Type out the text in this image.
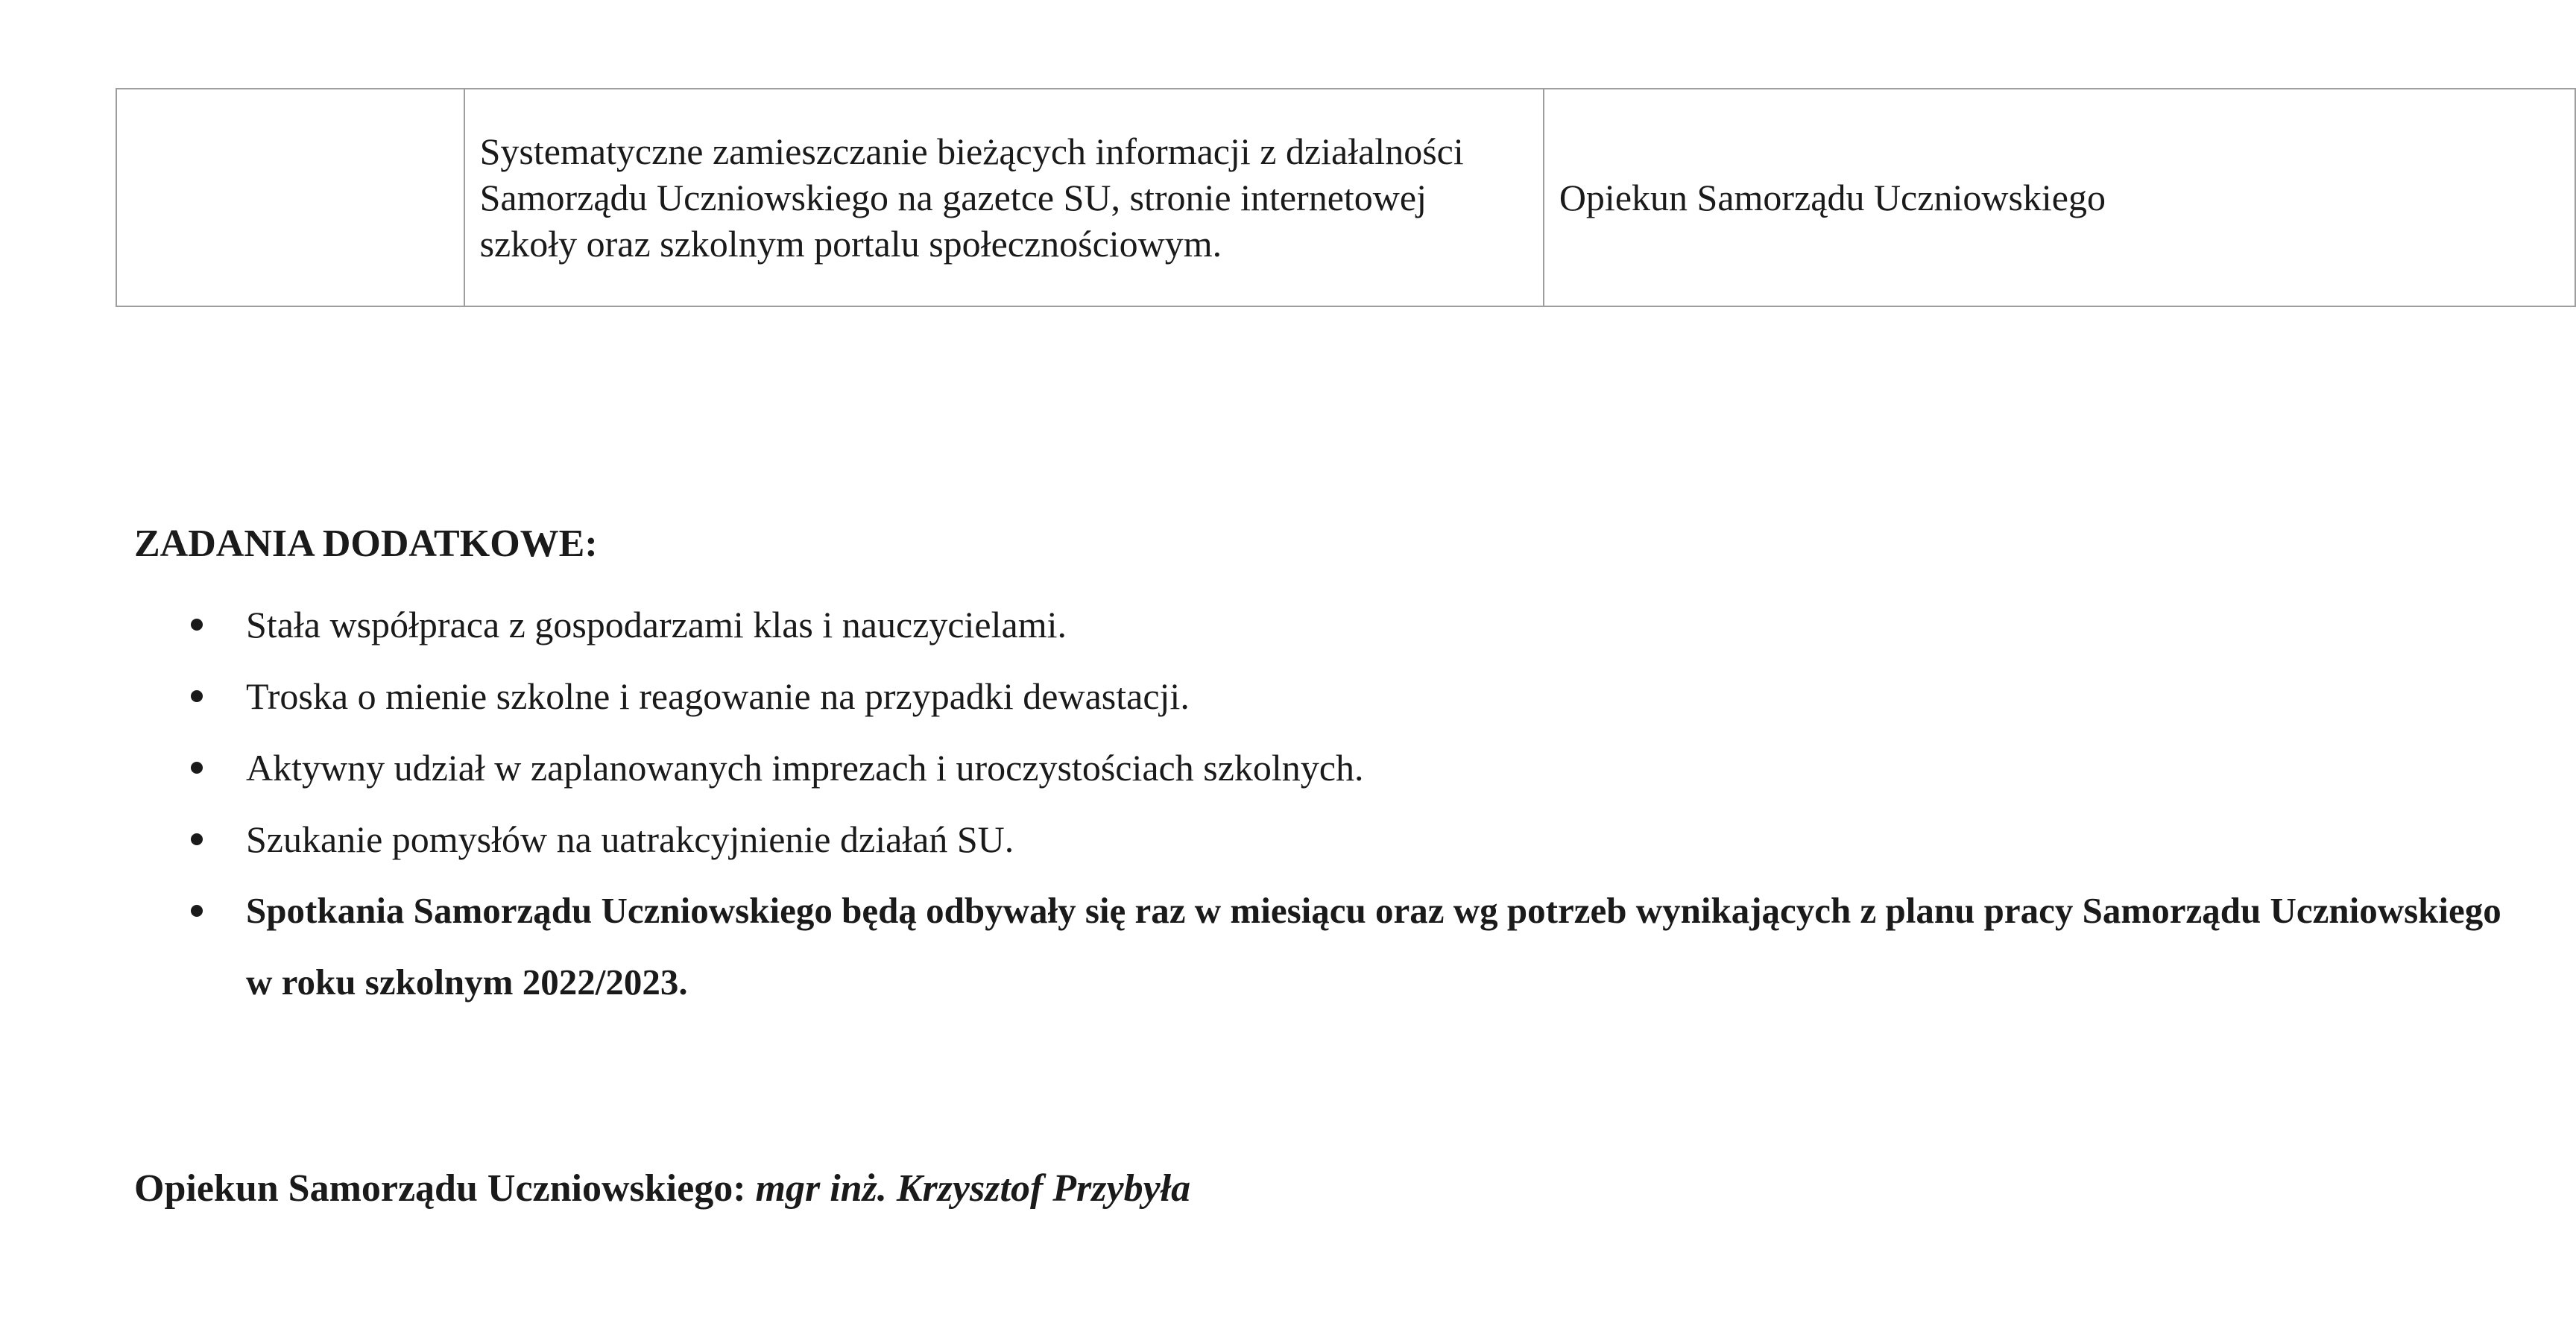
	Systematyczne zamieszczanie bieżących informacji z działalności Samorządu Uczniowskiego na gazetce SU, stronie internetowej szkoły oraz szkolnym portalu społecznościowym.	Opiekun Samorządu Uczniowskiego
ZADANIA DODATKOWE:
Stała współpraca z gospodarzami klas i nauczycielami.
Troska o mienie szkolne i reagowanie na przypadki dewastacji.
Aktywny udział w zaplanowanych imprezach i uroczystościach szkolnych.
Szukanie pomysłów na uatrakcyjnienie działań SU.
Spotkania Samorządu Uczniowskiego będą odbywały się raz w miesiącu oraz wg potrzeb wynikających z planu pracy Samorządu Uczniowskiego w roku szkolnym 2022/2023.
Opiekun Samorządu Uczniowskiego: mgr inż. Krzysztof Przybyła
